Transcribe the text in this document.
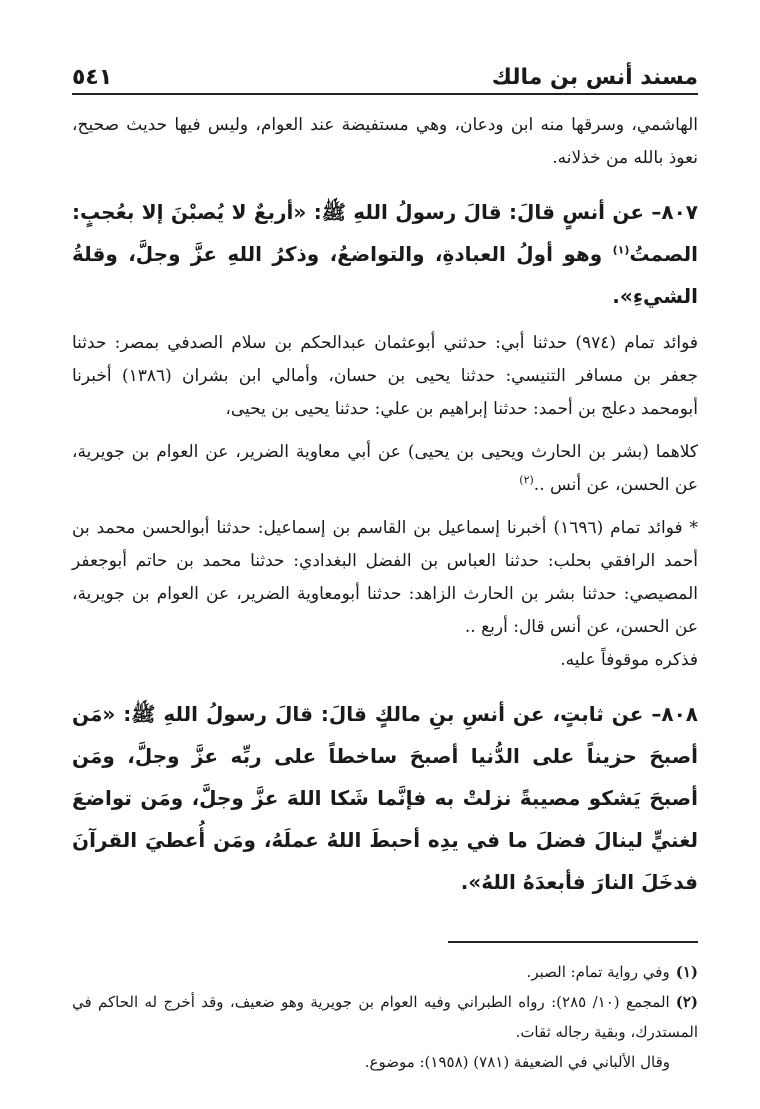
مسند أنس بن مالك
٥٤١

الهاشمي، وسرقها منه ابن ودعان، وهي مستفيضة عند العوام، وليس فيها حديث صحيح، نعوذ بالله من خذلانه.

٨٠٧– عن أنسٍ قالَ: قالَ رسولُ اللهِ ﷺ: «أربعٌ لا يُصبْنَ إلا بعُجبٍ: الصمتُ$^{(١)}$ وهو أولُ العبادةِ، والتواضعُ، وذكرُ اللهِ عزَّ وجلَّ، وقلةُ الشيءِ».

فوائد تمام (٩٧٤) حدثنا أبي: حدثني أبوعثمان عبدالحكم بن سلام الصدفي بمصر: حدثنا جعفر بن مسافر التنيسي: حدثنا يحيى بن حسان، وأمالي ابن بشران (١٣٨٦) أخبرنا أبومحمد دعلج بن أحمد: حدثنا إبراهيم بن علي: حدثنا يحيى بن يحيى،

كلاهما (بشر بن الحارث ويحيى بن يحيى) عن أبي معاوية الضرير، عن العوام بن جويرية، عن الحسن، عن أنس ..$^{(٢)}$

* فوائد تمام (١٦٩٦) أخبرنا إسماعيل بن القاسم بن إسماعيل: حدثنا أبوالحسن محمد بن أحمد الرافقي بحلب: حدثنا العباس بن الفضل البغدادي: حدثنا محمد بن حاتم أبوجعفر المصيصي: حدثنا بشر بن الحارث الزاهد: حدثنا أبومعاوية الضرير، عن العوام بن جويرية، عن الحسن، عن أنس قال: أربع ..
فذكره موقوفاً عليه.

٨٠٨– عن ثابتٍ، عن أنسِ بنِ مالكٍ قالَ: قالَ رسولُ اللهِ ﷺ: «مَن أصبحَ حزيناً على الدُّنيا أصبحَ ساخطاً على ربِّه عزَّ وجلَّ، ومَن أصبحَ يَشكو مصيبةً نزلتْ به فإنَّما شَكا اللهَ عزَّ وجلَّ، ومَن تواضعَ لغنيٍّ لينالَ فضلَ ما في يدِه أحبطَ اللهُ عملَهُ، ومَن أُعطيَ القرآنَ فدخَلَ النارَ فأبعدَهُ اللهُ».

(١)وفي رواية تمام: الصبر.

(٢)المجمع (١٠/ ٢٨٥): رواه الطبراني وفيه العوام بن جويرية وهو ضعيف، وقد أخرج له الحاكم في المستدرك، وبقية رجاله ثقات.

وقال الألباني في الضعيفة (٧٨١) (١٩٥٨): موضوع.
